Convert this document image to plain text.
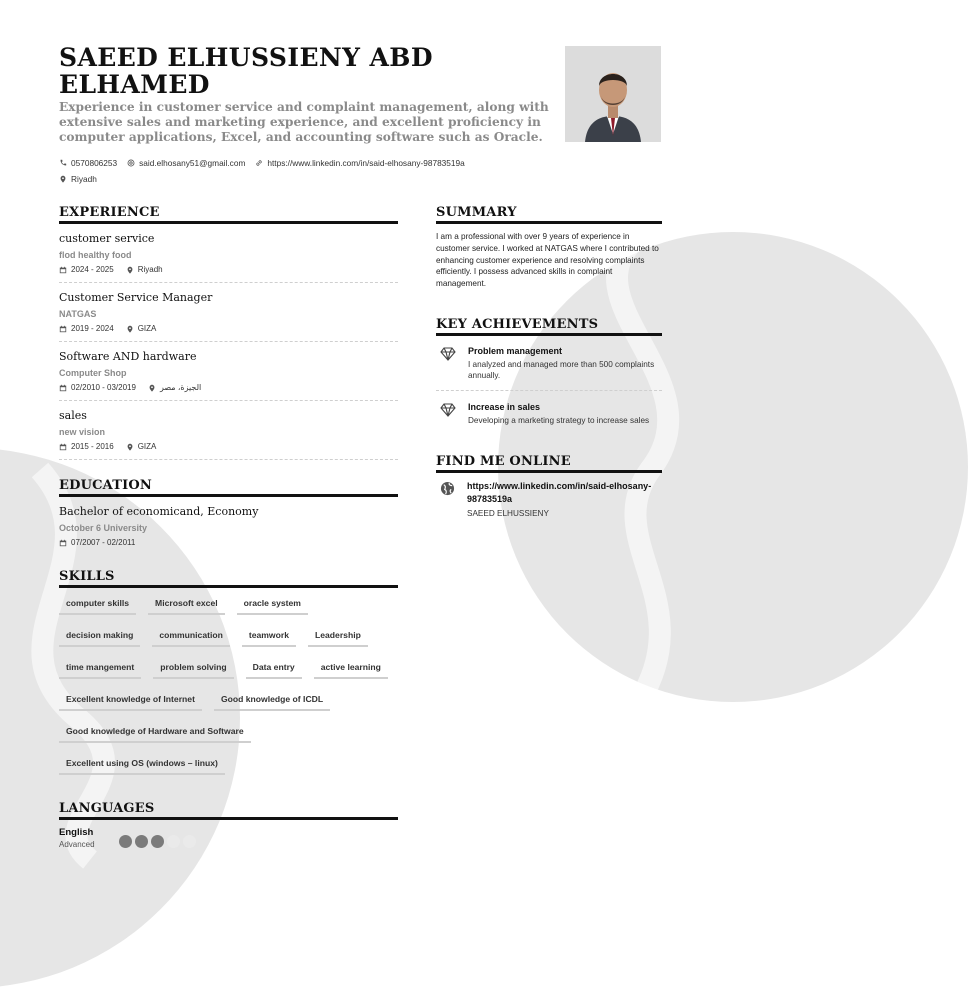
SAEED ELHUSSIENY ABD ELHAMED
Experience in customer service and complaint management, along with extensive sales and marketing experience, and excellent proficiency in computer applications, Excel, and accounting software such as Oracle.
0570806253	said.elhosany51@gmail.com	https://www.linkedin.com/in/said-elhosany-98783519a
Riyadh
EXPERIENCE
customer service
flod healthy food
2024 - 2025	Riyadh
Customer Service Manager
NATGAS
2019 - 2024	GIZA
Software AND hardware
Computer Shop
02/2010 - 03/2019	الجيزة، مصر
sales
new vision
2015 - 2016	GIZA
EDUCATION
Bachelor of economicand, Economy
October 6 University
07/2007 - 02/2011
SKILLS
computer skills	Microsoft excel	oracle system
decision making	communication	teamwork	Leadership
time mangement	problem solving	Data entry	active learning
Excellent knowledge of Internet	Good knowledge of ICDL
Good knowledge of Hardware and Software
Excellent using OS (windows – linux)
LANGUAGES
English
Advanced
SUMMARY
I am a professional with over 9 years of experience in customer service. I worked at NATGAS where I contributed to enhancing customer experience and resolving complaints efficiently. I possess advanced skills in complaint management.
KEY ACHIEVEMENTS
Problem management
I analyzed and managed more than 500 complaints annually.
Increase in sales
Developing a marketing strategy to increase sales
FIND ME ONLINE
https://www.linkedin.com/in/said-elhosany-98783519a
SAEED ELHUSSIENY
